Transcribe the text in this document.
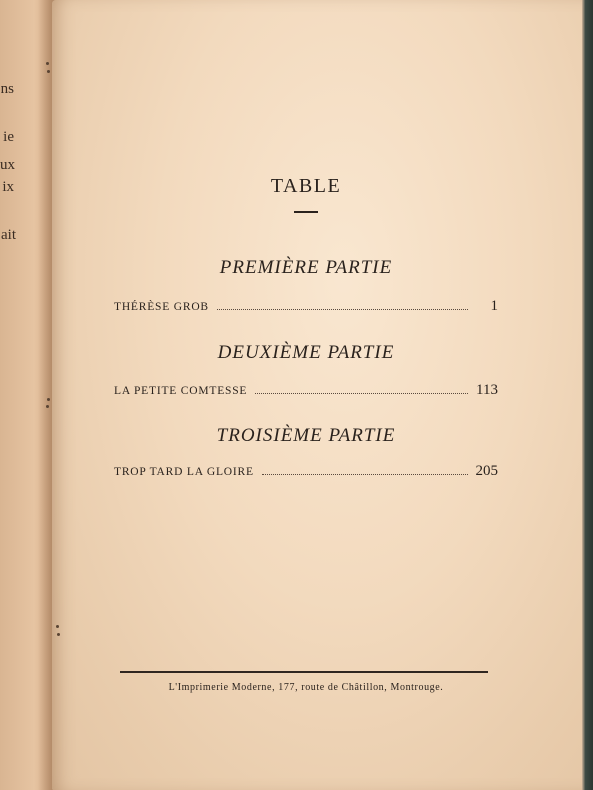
ns
ie
ux
ix
ait
TABLE
PREMIÈRE PARTIE
THÉRÈSE GROB	1
DEUXIÈME PARTIE
LA PETITE COMTESSE	113
TROISIÈME PARTIE
TROP TARD LA GLOIRE	205
L'Imprimerie Moderne, 177, route de Châtillon, Montrouge.
